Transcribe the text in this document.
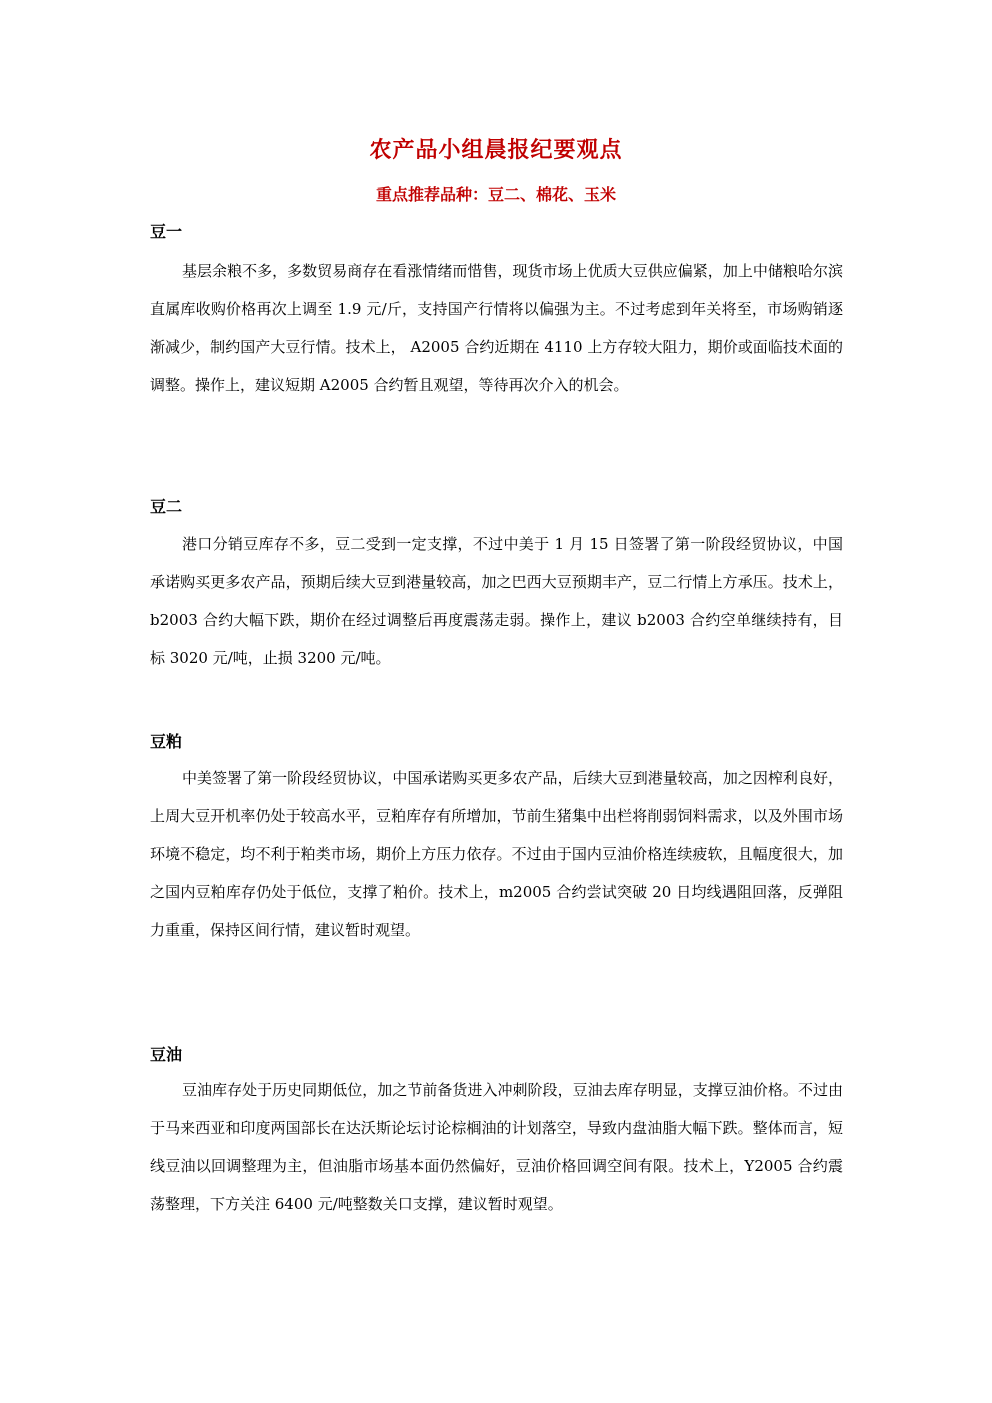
农产品小组晨报纪要观点
重点推荐品种：豆二、棉花、玉米
豆一
基层余粮不多，多数贸易商存在看涨情绪而惜售，现货市场上优质大豆供应偏紧，加上中储粮哈尔滨直属库收购价格再次上调至 1.9 元/斤，支持国产行情将以偏强为主。不过考虑到年关将至，市场购销逐渐减少，制约国产大豆行情。技术上， A2005 合约近期在 4110 上方存较大阻力，期价或面临技术面的调整。操作上，建议短期 A2005 合约暂且观望，等待再次介入的机会。
豆二
港口分销豆库存不多，豆二受到一定支撑，不过中美于 1 月 15 日签署了第一阶段经贸协议，中国承诺购买更多农产品，预期后续大豆到港量较高，加之巴西大豆预期丰产，豆二行情上方承压。技术上，b2003 合约大幅下跌，期价在经过调整后再度震荡走弱。操作上，建议 b2003 合约空单继续持有，目标 3020 元/吨，止损 3200 元/吨。
豆粕
中美签署了第一阶段经贸协议，中国承诺购买更多农产品，后续大豆到港量较高，加之因榨利良好，上周大豆开机率仍处于较高水平，豆粕库存有所增加，节前生猪集中出栏将削弱饲料需求，以及外围市场环境不稳定，均不利于粕类市场，期价上方压力依存。不过由于国内豆油价格连续疲软，且幅度很大，加之国内豆粕库存仍处于低位，支撑了粕价。技术上，m2005 合约尝试突破 20 日均线遇阻回落，反弹阻力重重，保持区间行情，建议暂时观望。
豆油
豆油库存处于历史同期低位，加之节前备货进入冲刺阶段，豆油去库存明显，支撑豆油价格。不过由于马来西亚和印度两国部长在达沃斯论坛讨论棕榈油的计划落空，导致内盘油脂大幅下跌。整体而言，短线豆油以回调整理为主，但油脂市场基本面仍然偏好，豆油价格回调空间有限。技术上，Y2005 合约震荡整理，下方关注 6400 元/吨整数关口支撑，建议暂时观望。
